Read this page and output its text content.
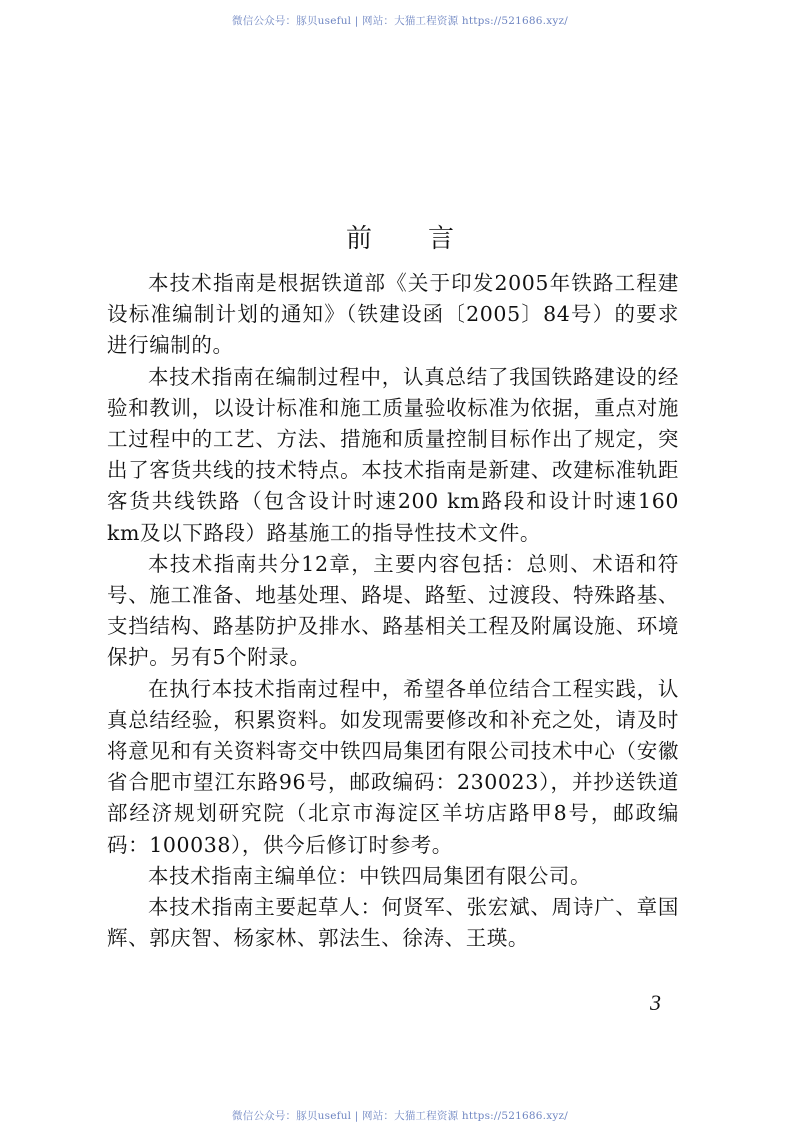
微信公众号：豚贝useful | 网站：大猫工程资源 https://521686.xyz/
前 言

本技术指南是根据铁道部《关于印发2005年铁路工程建设标准编制计划的通知》（铁建设函〔2005〕84号）的要求进行编制的。

本技术指南在编制过程中，认真总结了我国铁路建设的经验和教训，以设计标准和施工质量验收标准为依据，重点对施工过程中的工艺、方法、措施和质量控制目标作出了规定，突出了客货共线的技术特点。本技术指南是新建、改建标准轨距客货共线铁路（包含设计时速200 km路段和设计时速160 km及以下路段）路基施工的指导性技术文件。

本技术指南共分12章，主要内容包括：总则、术语和符号、施工准备、地基处理、路堤、路堑、过渡段、特殊路基、支挡结构、路基防护及排水、路基相关工程及附属设施、环境保护。另有5个附录。

在执行本技术指南过程中，希望各单位结合工程实践，认真总结经验，积累资料。如发现需要修改和补充之处，请及时将意见和有关资料寄交中铁四局集团有限公司技术中心（安徽省合肥市望江东路96号，邮政编码：230023），并抄送铁道部经济规划研究院（北京市海淀区羊坊店路甲8号，邮政编码：100038），供今后修订时参考。

本技术指南主编单位：中铁四局集团有限公司。

本技术指南主要起草人：何贤军、张宏斌、周诗广、章国辉、郭庆智、杨家林、郭法生、徐涛、王瑛。

3
微信公众号：豚贝useful | 网站：大猫工程资源 https://521686.xyz/
